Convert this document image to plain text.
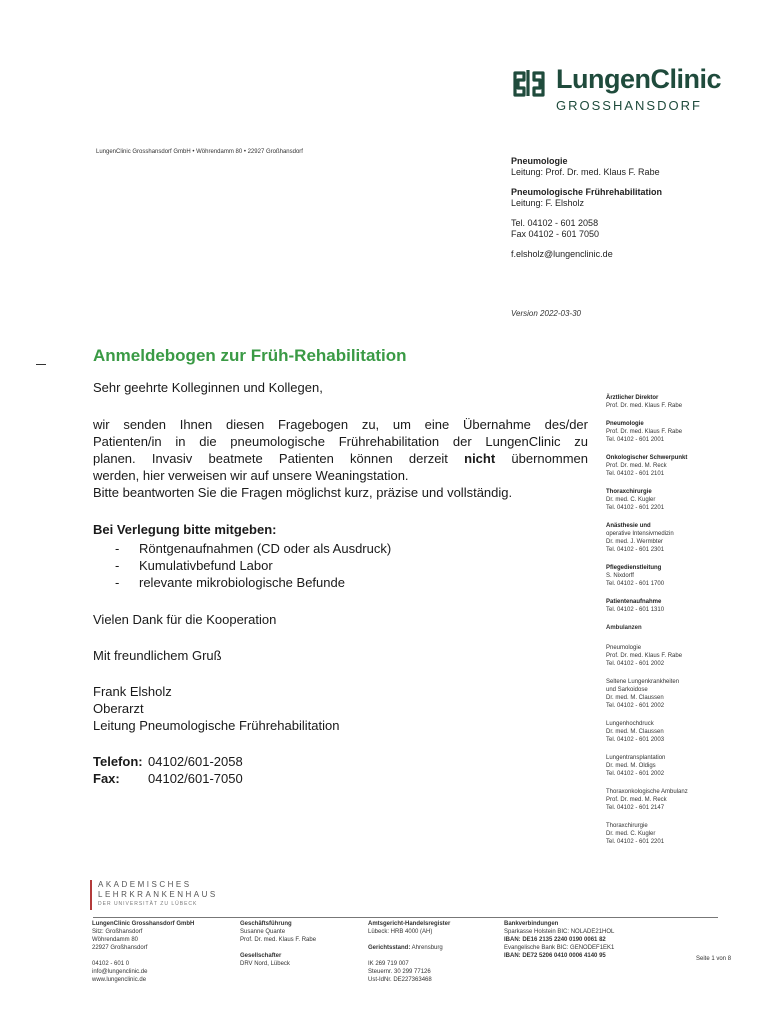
LungenClinic
GROSSHANSDORF
LungenClinic Grosshansdorf GmbH • Wöhrendamm 80 • 22927 Großhansdorf
Pneumologie
Leitung: Prof. Dr. med. Klaus F. Rabe
Pneumologische Frührehabilitation
Leitung: F. Elsholz
Tel. 04102 - 601 2058
Fax 04102 - 601 7050
f.elsholz@lungenclinic.de
Version 2022-03-30
Anmeldebogen zur Früh-Rehabilitation
Sehr geehrte Kolleginnen und Kollegen,
wir senden Ihnen diesen Fragebogen zu, um eine Übernahme des/der
Patienten/in in die pneumologische Frührehabilitation der LungenClinic zu
planen. Invasiv beatmete Patienten können derzeit nicht übernommen
werden, hier verweisen wir auf unsere Weaningstation.
Bitte beantworten Sie die Fragen möglichst kurz, präzise und vollständig.
Bei Verlegung bitte mitgeben:
- Röntgenaufnahmen (CD oder als Ausdruck)
- Kumulativbefund Labor
- relevante mikrobiologische Befunde
Vielen Dank für die Kooperation
Mit freundlichem Gruß
Frank Elsholz
Oberarzt
Leitung Pneumologische Frührehabilitation
Telefon: 04102/601-2058
Fax: 04102/601-7050
Ärztlicher Direktor
Prof. Dr. med. Klaus F. Rabe
Pneumologie
Prof. Dr. med. Klaus F. Rabe
Tel. 04102 - 601 2001
Onkologischer Schwerpunkt
Prof. Dr. med. M. Reck
Tel. 04102 - 601 2101
Thoraxchirurgie
Dr. med. C. Kugler
Tel. 04102 - 601 2201
Anästhesie und
operative Intensivmedizin
Dr. med. J. Wermbter
Tel. 04102 - 601 2301
Pflegedienstleitung
S. Nixdorff
Tel. 04102 - 601 1700
Patientenaufnahme
Tel. 04102 - 601 1310
Ambulanzen
Pneumologie
Prof. Dr. med. Klaus F. Rabe
Tel. 04102 - 601 2002
Seltene Lungenkrankheiten
und Sarkoidose
Dr. med. M. Claussen
Tel. 04102 - 601 2002
Lungenhochdruck
Dr. med. M. Claussen
Tel. 04102 - 601 2003
Lungentransplantation
Dr. med. M. Oldigs
Tel. 04102 - 601 2002
Thoraxonkologische Ambulanz
Prof. Dr. med. M. Reck
Tel. 04102 - 601 2147
Thoraxchirurgie
Dr. med. C. Kugler
Tel. 04102 - 601 2201
AKADEMISCHES
LEHRKRANKENHAUS
DER UNIVERSITÄT ZU LÜBECK
LungenClinic Grosshansdorf GmbH
Sitz: Großhansdorf
Wöhrendamm 80
22927 Großhansdorf
04102 - 601 0
info@lungenclinic.de
www.lungenclinic.de
Geschäftsführung
Susanne Quante
Prof. Dr. med. Klaus F. Rabe
Gesellschafter
DRV Nord, Lübeck
Amtsgericht-Handelsregister
Lübeck: HRB 4000 (AH)
Gerichtsstand: Ahrensburg
IK 269 719 007
Steuernr. 30 299 77126
Ust-IdNr. DE227363468
Bankverbindungen
Sparkasse Holstein BIC: NOLADE21HOL
IBAN: DE16 2135 2240 0190 0061 82
Evangelische Bank BIC: GENODEF1EK1
IBAN: DE72 5206 0410 0006 4140 95	Seite 1 von 8
